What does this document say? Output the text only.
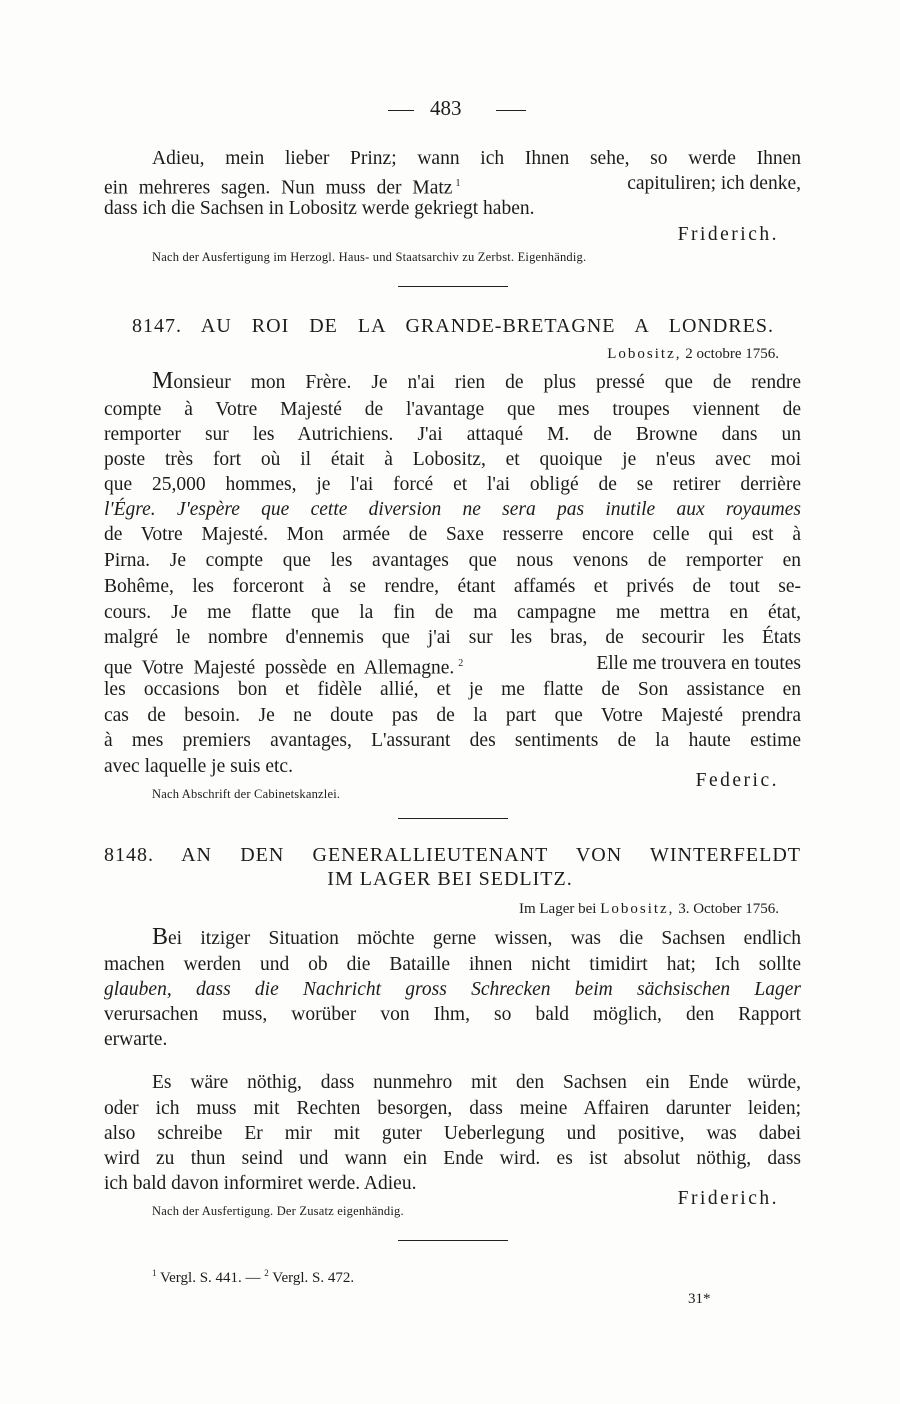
483
Adieu, mein lieber Prinz; wann ich Ihnen sehe, so werde Ihnen
ein mehreres sagen. Nun muss der Matz $^1$	capituliren; ich denke,
dass ich die Sachsen in Lobositz werde gekriegt haben.
Friderich.
Nach der Ausfertigung im Herzogl. Haus- und Staatsarchiv zu Zerbst. Eigenhändig.
8147. AU ROI DE LA GRANDE-BRETAGNE A LONDRES.
Lobositz, 2 octobre 1756.
M onsieur mon Frère. Je n'ai rien de plus pressé que de rendre
compte à Votre Majesté de l'avantage que mes troupes viennent de
remporter sur les Autrichiens. J'ai attaqué M. de Browne dans un
poste très fort où il était à Lobositz, et quoique je n'eus avec moi
que 25,000 hommes, je l'ai forcé et l'ai obligé de se retirer derrière
l'Égre. J'espère que cette diversion ne sera pas inutile aux royaumes
de Votre Majesté. Mon armée de Saxe resserre encore celle qui est à
Pirna. Je compte que les avantages que nous venons de remporter en
Bohême, les forceront à se rendre, étant affamés et privés de tout se-
cours. Je me flatte que la fin de ma campagne me mettra en état,
malgré le nombre d'ennemis que j'ai sur les bras, de secourir les États
que Votre Majesté possède en Allemagne. $^2$	Elle me trouvera en toutes
les occasions bon et fidèle allié, et je me flatte de Son assistance en
cas de besoin. Je ne doute pas de la part que Votre Majesté prendra
à mes premiers avantages, L'assurant des sentiments de la haute estime
avec laquelle je suis etc.
Federic.
Nach Abschrift der Cabinetskanzlei.
8148. AN DEN GENERALLIEUTENANT VON WINTERFELDT
IM LAGER BEI SEDLITZ.
Im Lager bei Lobositz, 3. October 1756.
B ei itziger Situation möchte gerne wissen, was die Sachsen endlich
machen werden und ob die Bataille ihnen nicht timidirt hat; Ich sollte
glauben, dass die Nachricht gross Schrecken beim sächsischen Lager
verursachen muss, worüber von Ihm, so bald möglich, den Rapport
erwarte.
Es wäre nöthig, dass nunmehro mit den Sachsen ein Ende würde,
oder ich muss mit Rechten besorgen, dass meine Affairen darunter leiden;
also schreibe Er mir mit guter Ueberlegung und positive, was dabei
wird zu thun seind und wann ein Ende wird. es ist absolut nöthig, dass
ich bald davon informiret werde. Adieu.
Friderich.
Nach der Ausfertigung. Der Zusatz eigenhändig.
$^1$ Vergl. S. 441. — $^2$ Vergl. S. 472.
31*
